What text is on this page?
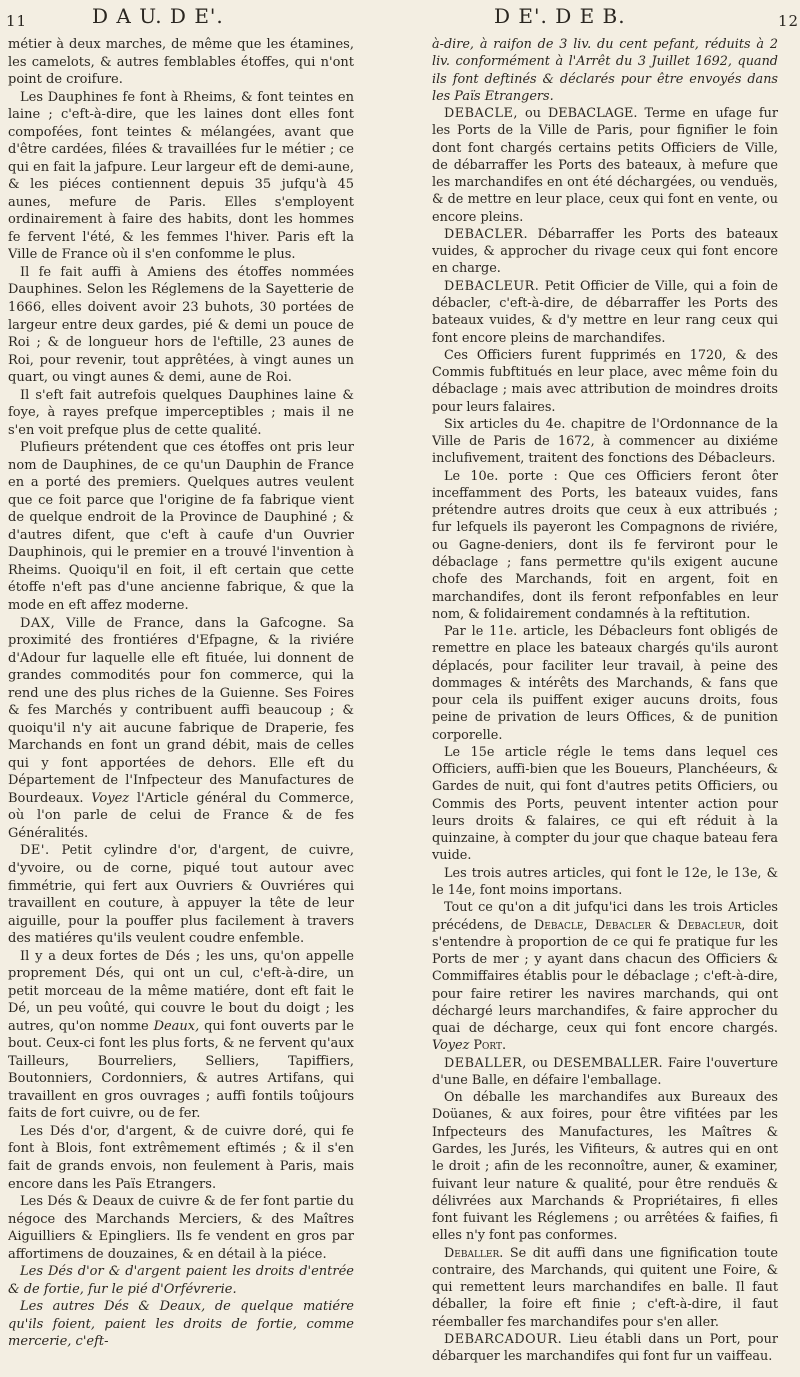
11	D A U. D E'.	D E'. D E B.	12

métier à deux marches, de même que les étamines, les camelots, & autres femblables étoffes, qui n'ont point de croifure.

Les Dauphines fe font à Rheims, & font teintes en laine ; c'eft-à-dire, que les laines dont elles font compofées, font teintes & mélangées, avant que d'être cardées, filées & travaillées fur le métier ; ce qui en fait la jafpure. Leur largeur eft de demi-aune, & les piéces contiennent depuis 35 jufqu'à 45 aunes, mefure de Paris. Elles s'employent ordinairement à faire des habits, dont les hommes fe fervent l'été, & les femmes l'hiver. Paris eft la Ville de France où il s'en confomme le plus.

Il fe fait auffi à Amiens des étoffes nommées Dauphines. Selon les Réglemens de la Sayetterie de 1666, elles doivent avoir 23 buhots, 30 portées de largeur entre deux gardes, pié & demi un pouce de Roi ; & de longueur hors de l'eftille, 23 aunes de Roi, pour revenir, tout apprêtées, à vingt aunes un quart, ou vingt aunes & demi, aune de Roi.

Il s'eft fait autrefois quelques Dauphines laine & foye, à rayes prefque imperceptibles ; mais il ne s'en voit prefque plus de cette qualité.

Plufieurs prétendent que ces étoffes ont pris leur nom de Dauphines, de ce qu'un Dauphin de France en a porté des premiers. Quelques autres veulent que ce foit parce que l'origine de fa fabrique vient de quelque endroit de la Province de Dauphiné ; & d'autres difent, que c'eft à caufe d'un Ouvrier Dauphinois, qui le premier en a trouvé l'invention à Rheims. Quoiqu'il en foit, il eft certain que cette étoffe n'eft pas d'une ancienne fabrique, & que la mode en eft affez moderne.

DAX, Ville de France, dans la Gafcogne. Sa proximité des frontiéres d'Efpagne, & la riviére d'Adour fur laquelle elle eft fituée, lui donnent de grandes commodités pour fon commerce, qui la rend une des plus riches de la Guienne. Ses Foires & fes Marchés y contribuent auffi beaucoup ; & quoiqu'il n'y ait aucune fabrique de Draperie, fes Marchands en font un grand débit, mais de celles qui y font apportées de dehors. Elle eft du Département de l'Infpecteur des Manufactures de Bourdeaux. Voyez l'Article général du Commerce, où l'on parle de celui de France & de fes Généralités.

DE'. Petit cylindre d'or, d'argent, de cuivre, d'yvoire, ou de corne, piqué tout autour avec fimmétrie, qui fert aux Ouvriers & Ouvriéres qui travaillent en couture, à appuyer la tête de leur aiguille, pour la pouffer plus facilement à travers des matiéres qu'ils veulent coudre enfemble.

Il y a deux fortes de Dés ; les uns, qu'on appelle proprement Dés, qui ont un cul, c'eft-à-dire, un petit morceau de la même matiére, dont eft fait le Dé, un peu voûté, qui couvre le bout du doigt ; les autres, qu'on nomme Deaux, qui font ouverts par le bout. Ceux-ci font les plus forts, & ne fervent qu'aux Tailleurs, Bourreliers, Selliers, Tapiffiers, Boutonniers, Cordonniers, & autres Artifans, qui travaillent en gros ouvrages ; auffi fontils toûjours faits de fort cuivre, ou de fer.

Les Dés d'or, d'argent, & de cuivre doré, qui fe font à Blois, font extrêmement eftimés ; & il s'en fait de grands envois, non feulement à Paris, mais encore dans les Païs Etrangers.

Les Dés & Deaux de cuivre & de fer font partie du négoce des Marchands Merciers, & des Maîtres Aiguilliers & Epingliers. Ils fe vendent en gros par affortimens de douzaines, & en détail à la piéce.

Les Dés d'or & d'argent paient les droits d'entrée & de fortie, fur le pié d'Orfévrerie.

Les autres Dés & Deaux, de quelque matiére qu'ils foient, paient les droits de fortie, comme mercerie, c'eft-

à-dire, à raifon de 3 liv. du cent pefant, réduits à 2 liv. conformément à l'Arrêt du 3 Juillet 1692, quand ils font deftinés & déclarés pour être envoyés dans les Païs Etrangers.

DEBACLE, ou DEBACLAGE. Terme en ufage fur les Ports de la Ville de Paris, pour fignifier le foin dont font chargés certains petits Officiers de Ville, de débarraffer les Ports des bateaux, à mefure que les marchandifes en ont été déchargées, ou venduës, & de mettre en leur place, ceux qui font en vente, ou encore pleins.

DEBACLER. Débarraffer les Ports des bateaux vuides, & approcher du rivage ceux qui font encore en charge.

DEBACLEUR. Petit Officier de Ville, qui a foin de débacler, c'eft-à-dire, de débarraffer les Ports des bateaux vuides, & d'y mettre en leur rang ceux qui font encore pleins de marchandifes.

Ces Officiers furent fupprimés en 1720, & des Commis fubftitués en leur place, avec même foin du débaclage ; mais avec attribution de moindres droits pour leurs falaires.

Six articles du 4e. chapitre de l'Ordonnance de la Ville de Paris de 1672, à commencer au dixiéme inclufivement, traitent des fonctions des Débacleurs.

Le 10e. porte : Que ces Officiers feront ôter inceffamment des Ports, les bateaux vuides, fans prétendre autres droits que ceux à eux attribués ; fur lefquels ils payeront les Compagnons de riviére, ou Gagne-deniers, dont ils fe ferviront pour le débaclage ; fans permettre qu'ils exigent aucune chofe des Marchands, foit en argent, foit en marchandifes, dont ils feront refponfables en leur nom, & folidairement condamnés à la reftitution.

Par le 11e. article, les Débacleurs font obligés de remettre en place les bateaux chargés qu'ils auront déplacés, pour faciliter leur travail, à peine des dommages & intérêts des Marchands, & fans que pour cela ils puiffent exiger aucuns droits, fous peine de privation de leurs Offices, & de punition corporelle.

Le 15e article régle le tems dans lequel ces Officiers, auffi-bien que les Boueurs, Planchéeurs, & Gardes de nuit, qui font d'autres petits Officiers, ou Commis des Ports, peuvent intenter action pour leurs droits & falaires, ce qui eft réduit à la quinzaine, à compter du jour que chaque bateau fera vuide.

Les trois autres articles, qui font le 12e, le 13e, & le 14e, font moins importans.

Tout ce qu'on a dit jufqu'ici dans les trois Articles précédens, de Debacle, Debacler & Debacleur, doit s'entendre à proportion de ce qui fe pratique fur les Ports de mer ; y ayant dans chacun des Officiers & Commiffaires établis pour le débaclage ; c'eft-à-dire, pour faire retirer les navires marchands, qui ont déchargé leurs marchandifes, & faire approcher du quai de décharge, ceux qui font encore chargés. Voyez Port.

DEBALLER, ou DESEMBALLER. Faire l'ouverture d'une Balle, en défaire l'emballage.

On déballe les marchandifes aux Bureaux des Doüanes, & aux foires, pour être vifitées par les Infpecteurs des Manufactures, les Maîtres & Gardes, les Jurés, les Vifiteurs, & autres qui en ont le droit ; afin de les reconnoître, auner, & examiner, fuivant leur nature & qualité, pour être renduës & délivrées aux Marchands & Propriétaires, fi elles font fuivant les Réglemens ; ou arrêtées & faifies, fi elles n'y font pas conformes.

Deballer. Se dit auffi dans une fignification toute contraire, des Marchands, qui quitent une Foire, & qui remettent leurs marchandifes en balle. Il faut déballer, la foire eft finie ; c'eft-à-dire, il faut réemballer fes marchandifes pour s'en aller.

DEBARCADOUR. Lieu établi dans un Port, pour débarquer les marchandifes qui font fur un vaiffeau.
